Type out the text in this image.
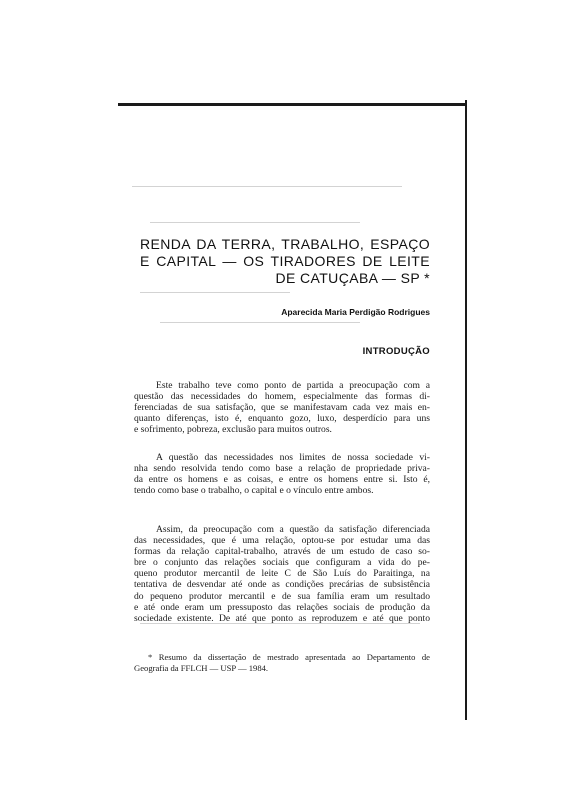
RENDA DA TERRA, TRABALHO, ESPAÇO
E CAPITAL — OS TIRADORES DE LEITE
DE CATUÇABA — SP *
Aparecida Maria Perdigão Rodrigues
INTRODUÇÃO
Este trabalho teve como ponto de partida a preocupação com a
questão das necessidades do homem, especialmente das formas di-
ferenciadas de sua satisfação, que se manifestavam cada vez mais en-
quanto diferenças, isto é, enquanto gozo, luxo, desperdício para uns
e sofrimento, pobreza, exclusão para muitos outros.
A questão das necessidades nos limites de nossa sociedade vi-
nha sendo resolvida tendo como base a relação de propriedade priva-
da entre os homens e as coisas, e entre os homens entre si. Isto é,
tendo como base o trabalho, o capital e o vínculo entre ambos.
Assim, da preocupação com a questão da satisfação diferenciada
das necessidades, que é uma relação, optou-se por estudar uma das
formas da relação capital-trabalho, através de um estudo de caso so-
bre o conjunto das relações sociais que configuram a vida do pe-
queno produtor mercantil de leite C de São Luís do Paraitinga, na
tentativa de desvendar até onde as condições precárias de subsistência
do pequeno produtor mercantil e de sua família eram um resultado
e até onde eram um pressuposto das relações sociais de produção da
sociedade existente. De até que ponto as reproduzem e até que ponto
* Resumo da dissertação de mestrado apresentada ao Departamento de
Geografia da FFLCH — USP — 1984.
